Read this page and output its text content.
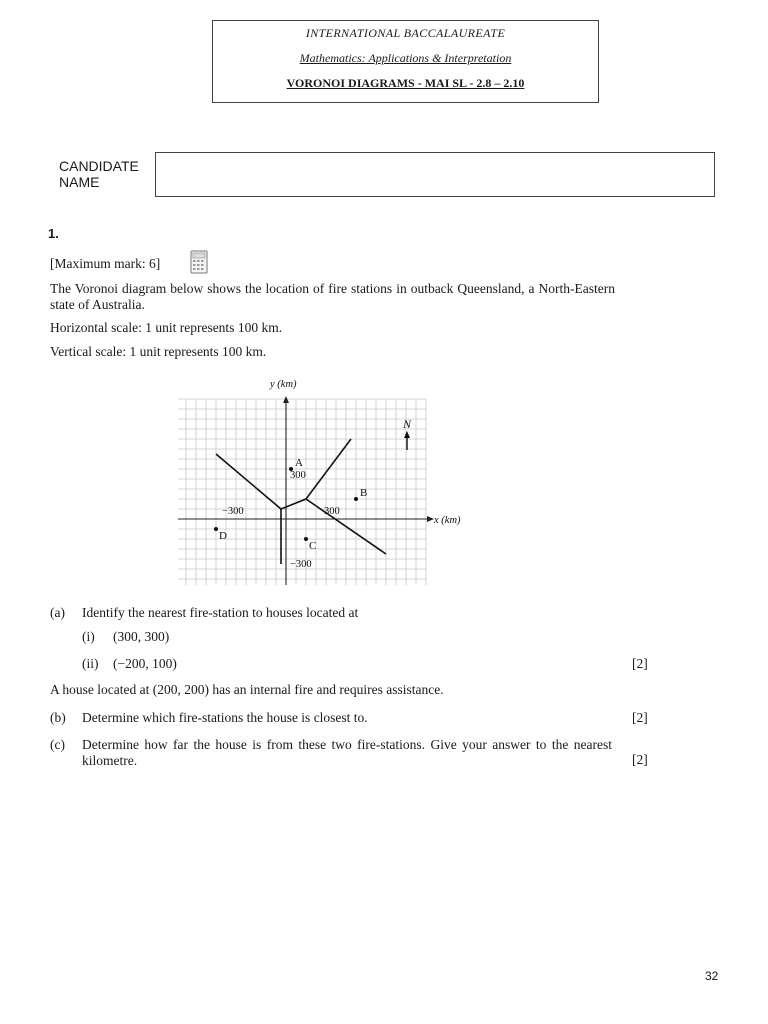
INTERNATIONAL BACCALAUREATE
Mathematics: Applications & Interpretation
VORONOI DIAGRAMS - MAI SL - 2.8 – 2.10
CANDIDATE NAME
1.
[Maximum mark: 6]
The Voronoi diagram below shows the location of fire stations in outback Queensland, a North-Eastern state of Australia.
Horizontal scale: 1 unit represents 100 km.
Vertical scale: 1 unit represents 100 km.
A
B
C
D
y (km)
x (km)
300
−300	300
−300
N
(a) Identify the nearest fire-station to houses located at
(i) (300, 300)
(ii) (−200, 100)	[2]
A house located at (200, 200) has an internal fire and requires assistance.
(b) Determine which fire-stations the house is closest to.	[2]
(c) Determine how far the house is from these two fire-stations. Give your answer to the nearest kilometre.	[2]
32
